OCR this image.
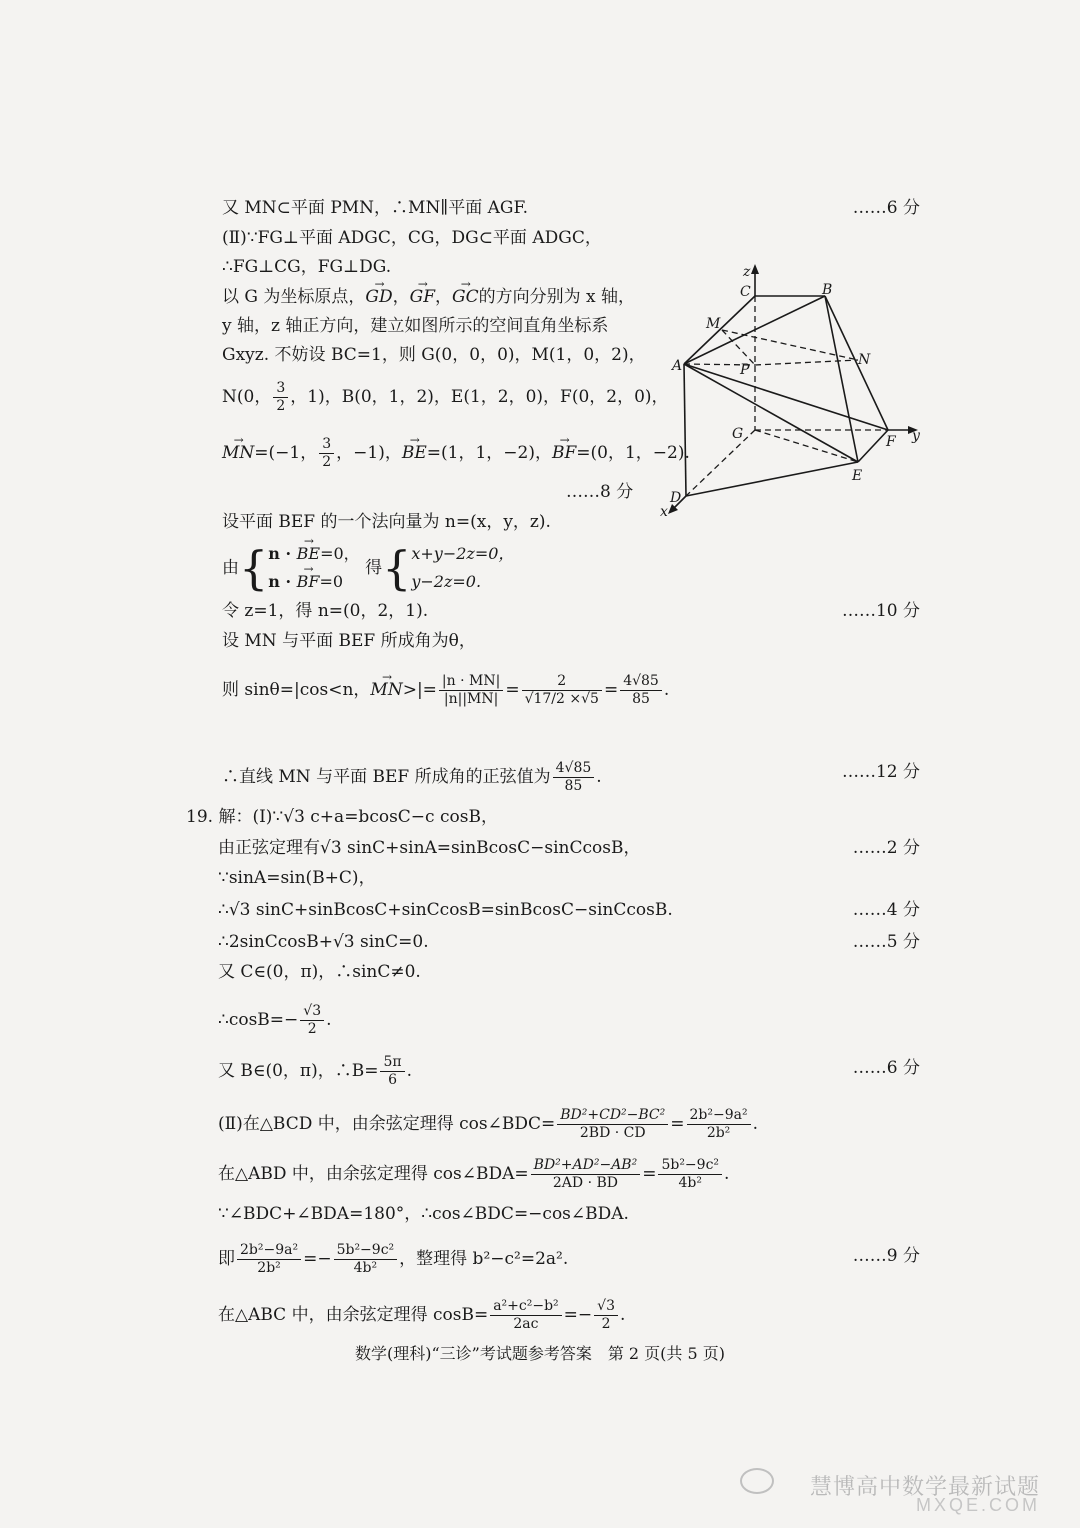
又 MN⊂平面 PMN，∴MN∥平面 AGF.	……6 分
(Ⅱ)∵FG⊥平面 ADGC，CG，DG⊂平面 ADGC，
∴FG⊥CG，FG⊥DG.
以 G 为坐标原点，→ GD，→ GF，→ GC的方向分别为 x 轴，
y 轴，z 轴正方向，建立如图所示的空间直角坐标系
Gxyz. 不妨设 BC=1，则 G(0，0，0)，M(1，0，2)，
N(0， $\frac{3}{2}$ ，1)，B(0，1，2)，E(1，2，0)，F(0，2，0)，
→ MN=(−1， $\frac{3}{2}$ ，−1)，→ BE=(1，1，−2)，→ BF=(0，1，−2).
……8 分
设平面 BEF 的一个法向量为 n=(x，y，z).
由{n · → BE=0，
n · → BF=0 得{x+y−2z=0，
y−2z=0.
令 z=1，得 n=(0，2，1).	……10 分
设 MN 与平面 BEF 所成角为θ，
则 sinθ=|cos<n，→ $MN>|= \frac{|n \cdot MN|}{|n||MN|} = \frac{2}{√17/2 \times√5} = \frac{4√85}{85}$ .
∴直线 MN 与平面 BEF 所成角的正弦值为 $\frac{4√85}{85}$ .	……12 分
19. 解：(Ⅰ)∵√3 c+a=bcosC−c cosB，
由正弦定理有√3 sinC+sinA=sinBcosC−sinCcosB，	……2 分
∵sinA=sin(B+C)，
∴√3 sinC+sinBcosC+sinCcosB=sinBcosC−sinCcosB.	……4 分
∴2sinCcosB+√3 sinC=0.	……5 分
又 C∈(0，π)，∴sinC≠0.
∴cosB=− $\frac{√3}{2}$ .
又 B∈(0，π)，∴B= $\frac{5\pi}{6}$ .	……6 分
(Ⅱ)在△BCD 中，由余弦定理得 cos∠BDC= $\frac{\text{BD²+CD²−BC²}}{2BD \cdot CD} = \frac{\text{2b²−9a²}}{\text{2b²}}$ .
在△ABD 中，由余弦定理得 cos∠BDA= $\frac{\text{BD²+AD²−AB²}}{2AD \cdot BD} = \frac{\text{5b²−9c²}}{\text{4b²}}$ .
∵∠BDC+∠BDA=180°，∴cos∠BDC=−cos∠BDA.
即 $\frac{\text{2b²−9a²}}{\text{2b²}} =- \frac{\text{5b²−9c²}}{\text{4b²}}$ ，整理得 b²−c²=2a².	……9 分
在△ABC 中，由余弦定理得 $\cos B= \frac{\text{a²+c²−b²}}{2ac} =- \frac{√3}{2}$ .
z
C	B
M
N
A	P
G	F y
E
D
x
数学(理科)“三诊”考试题参考答案　第 2 页(共 5 页)
慧博高中数学最新试题
MXQE.COM
